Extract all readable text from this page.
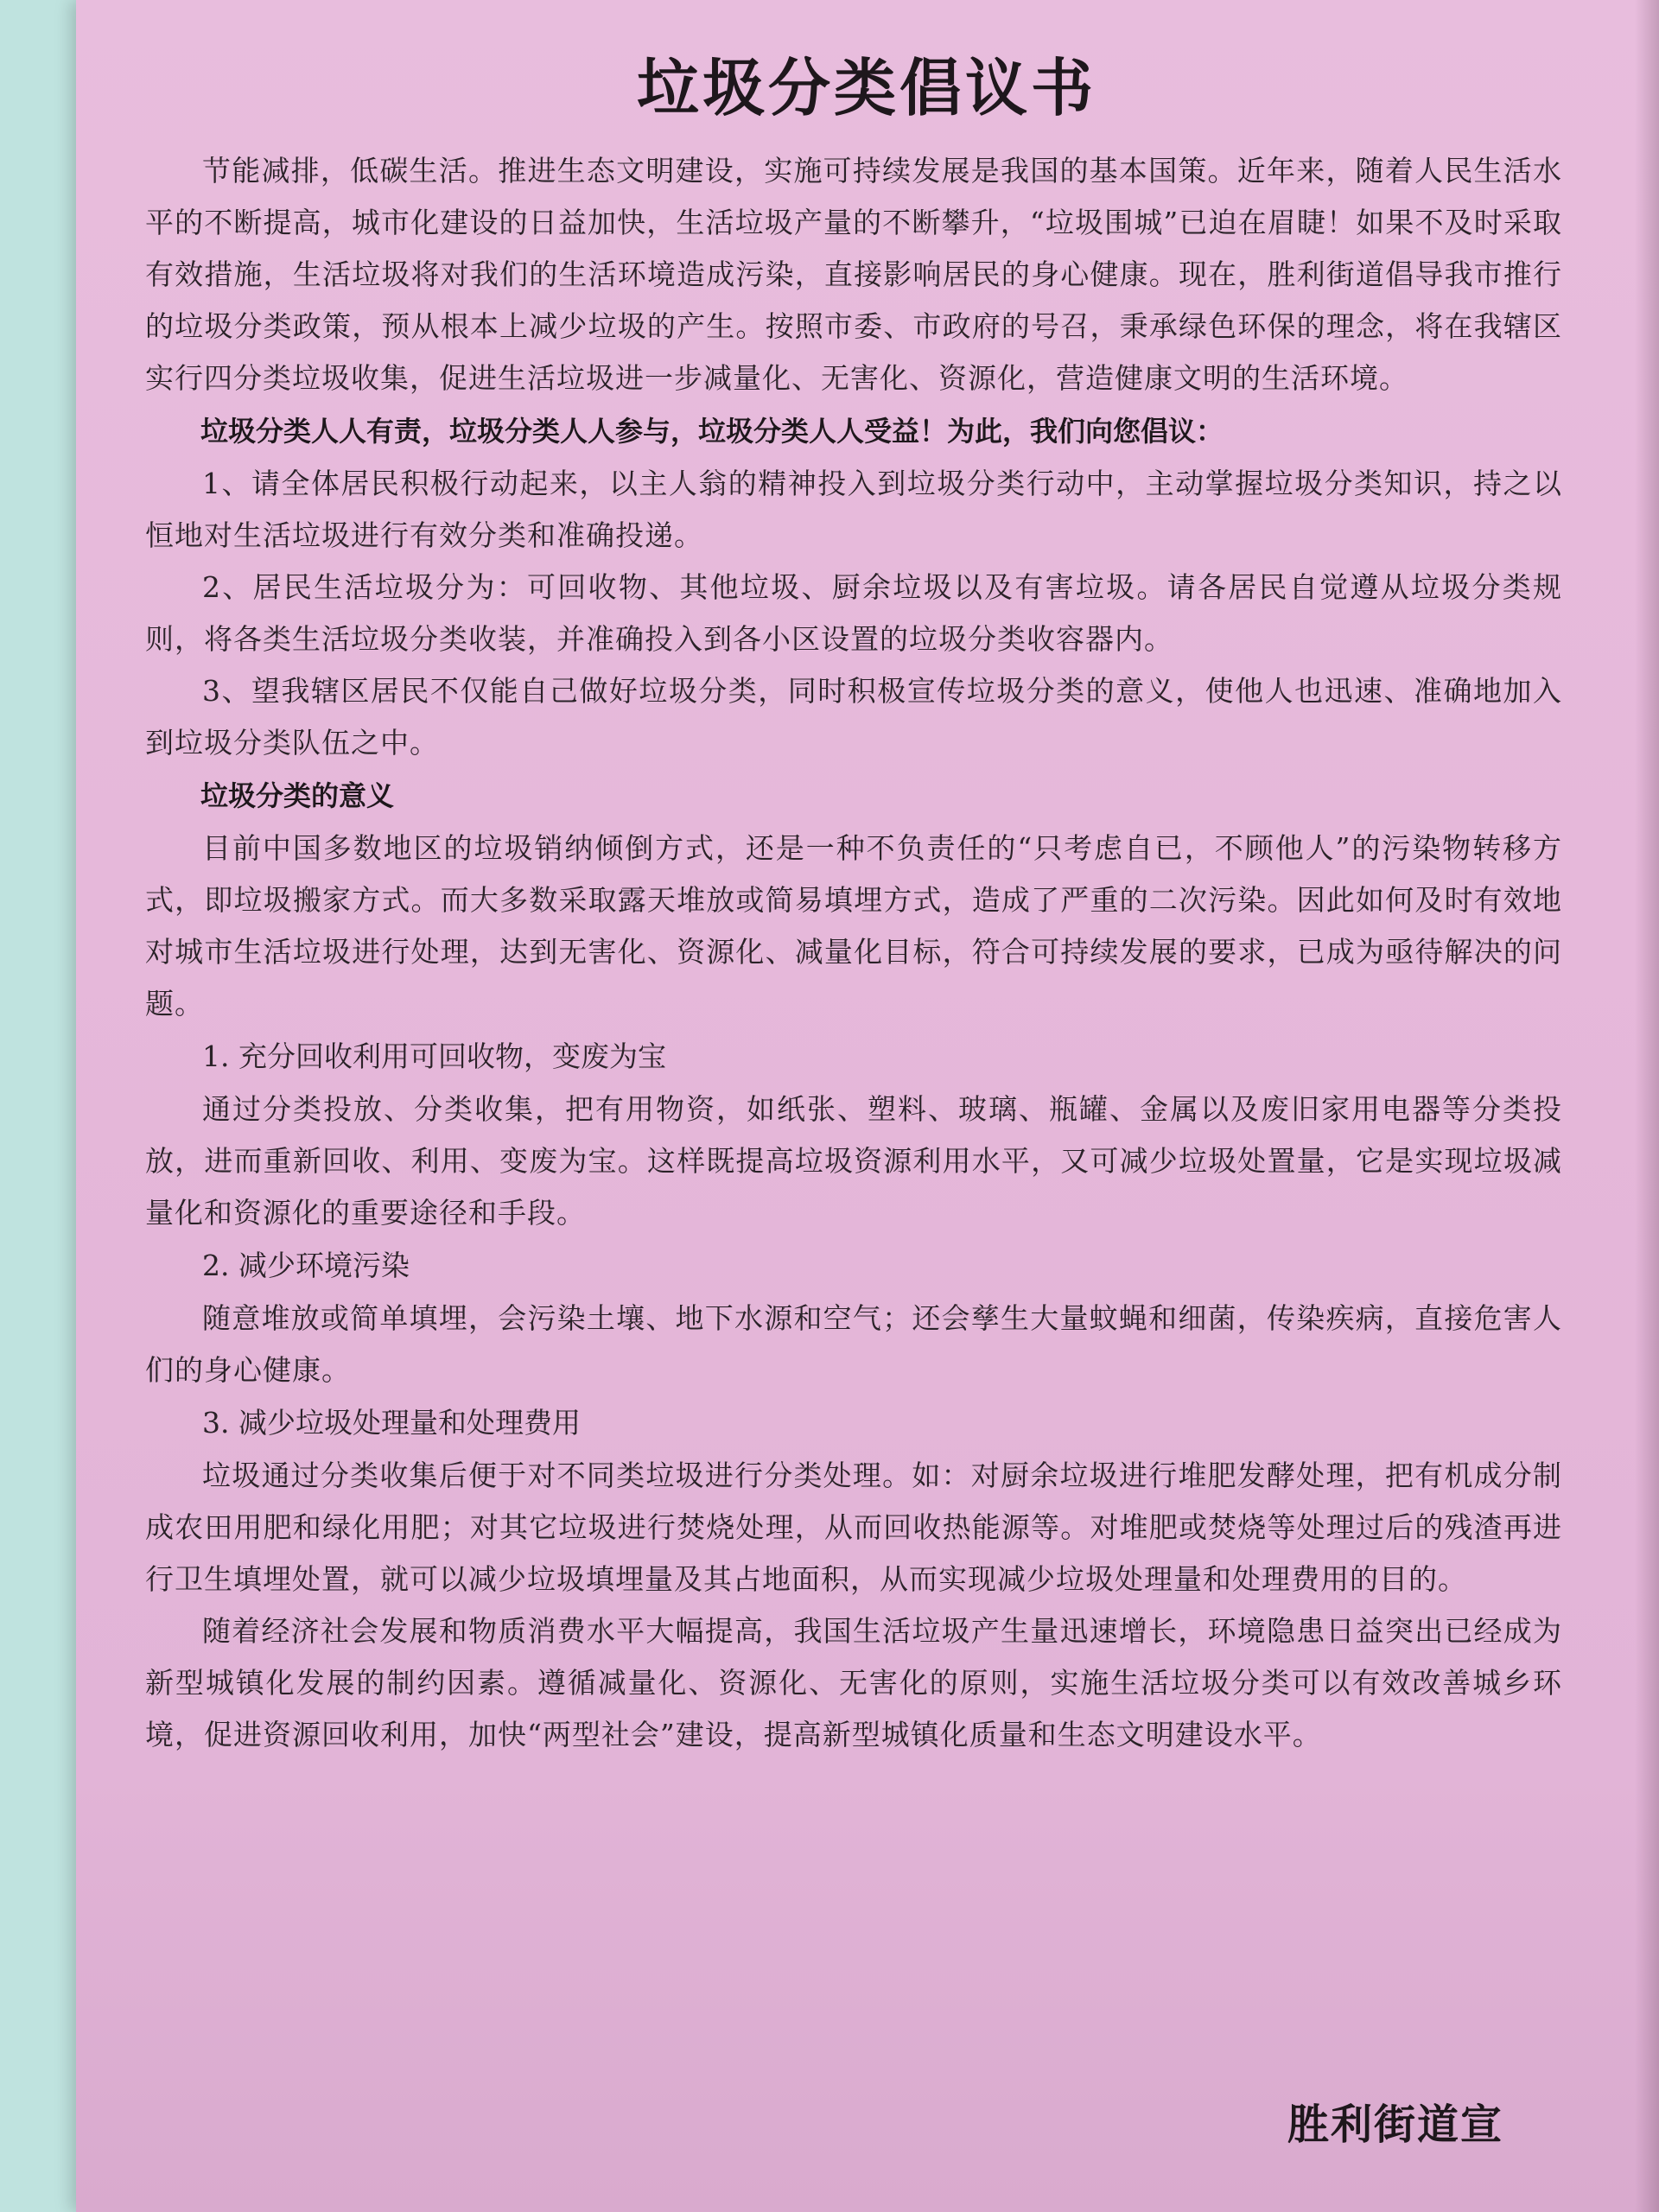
垃圾分类倡议书

节能减排，低碳生活。推进生态文明建设，实施可持续发展是我国的基本国策。近年来，随着人民生活水平的不断提高，城市化建设的日益加快，生活垃圾产量的不断攀升，“垃圾围城”已迫在眉睫！如果不及时采取有效措施，生活垃圾将对我们的生活环境造成污染，直接影响居民的身心健康。现在，胜利街道倡导我市推行的垃圾分类政策，预从根本上减少垃圾的产生。按照市委、市政府的号召，秉承绿色环保的理念，将在我辖区实行四分类垃圾收集，促进生活垃圾进一步减量化、无害化、资源化，营造健康文明的生活环境。

垃圾分类人人有责，垃圾分类人人参与，垃圾分类人人受益！为此，我们向您倡议：

1、请全体居民积极行动起来，以主人翁的精神投入到垃圾分类行动中，主动掌握垃圾分类知识，持之以恒地对生活垃圾进行有效分类和准确投递。

2、居民生活垃圾分为：可回收物、其他垃圾、厨余垃圾以及有害垃圾。请各居民自觉遵从垃圾分类规则，将各类生活垃圾分类收装，并准确投入到各小区设置的垃圾分类收容器内。

3、望我辖区居民不仅能自己做好垃圾分类，同时积极宣传垃圾分类的意义，使他人也迅速、准确地加入到垃圾分类队伍之中。

垃圾分类的意义

目前中国多数地区的垃圾销纳倾倒方式，还是一种不负责任的“只考虑自已，不顾他人”的污染物转移方式，即垃圾搬家方式。而大多数采取露天堆放或简易填埋方式，造成了严重的二次污染。因此如何及时有效地对城市生活垃圾进行处理，达到无害化、资源化、减量化目标，符合可持续发展的要求，已成为亟待解决的问题。

1. 充分回收利用可回收物，变废为宝

通过分类投放、分类收集，把有用物资，如纸张、塑料、玻璃、瓶罐、金属以及废旧家用电器等分类投放，进而重新回收、利用、变废为宝。这样既提高垃圾资源利用水平，又可减少垃圾处置量，它是实现垃圾减量化和资源化的重要途径和手段。

2. 减少环境污染

随意堆放或简单填埋，会污染土壤、地下水源和空气；还会孳生大量蚊蝇和细菌，传染疾病，直接危害人们的身心健康。

3. 减少垃圾处理量和处理费用

垃圾通过分类收集后便于对不同类垃圾进行分类处理。如：对厨余垃圾进行堆肥发酵处理，把有机成分制成农田用肥和绿化用肥；对其它垃圾进行焚烧处理，从而回收热能源等。对堆肥或焚烧等处理过后的残渣再进行卫生填埋处置，就可以减少垃圾填埋量及其占地面积，从而实现减少垃圾处理量和处理费用的目的。

随着经济社会发展和物质消费水平大幅提高，我国生活垃圾产生量迅速增长，环境隐患日益突出已经成为新型城镇化发展的制约因素。遵循减量化、资源化、无害化的原则，实施生活垃圾分类可以有效改善城乡环境，促进资源回收利用，加快“两型社会”建设，提高新型城镇化质量和生态文明建设水平。

胜利街道宣
